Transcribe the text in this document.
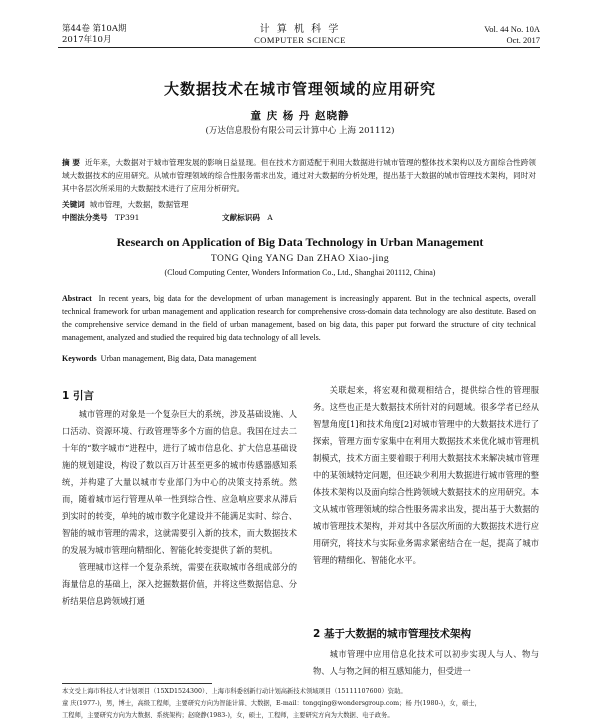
第44卷 第10A期
2017年10月
计 算 机 科 学
COMPUTER SCIENCE
Vol. 44 No. 10A
Oct. 2017
大数据技术在城市管理领域的应用研究
童 庆 杨 丹 赵晓静
(万达信息股份有限公司云计算中心 上海 201112)
摘 要 近年来，大数据对于城市管理发展的影响日益显现。但在技术方面适配于利用大数据进行城市管理的整体技术架构以及方面综合性跨领域大数据技术的应用研究。从城市管理领域的综合性服务需求出发，通过对大数据的分析处理，提出基于大数据的城市管理技术架构，同时对其中各层次所采用的大数据技术进行了应用分析研究。
关键词 城市管理，大数据，数据管理
中图法分类号 TP391	文献标识码 A
Research on Application of Big Data Technology in Urban Management
TONG Qing YANG Dan ZHAO Xiao-jing
(Cloud Computing Center, Wonders Information Co., Ltd., Shanghai 201112, China)
Abstract In recent years, big data for the development of urban management is increasingly apparent. But in the technical aspects, overall technical framework for urban management and application research for comprehensive cross-domain data technology are also destitute. Based on the comprehensive service demand in the field of urban management, based on big data, this paper put forward the structure of city technical management, analyzed and studied the required big data technology of all levels.
Keywords Urban management, Big data, Data management
1 引言

城市管理的对象是一个复杂巨大的系统，涉及基础设施、人口活动、资源环境、行政管理等多个方面的信息。我国在过去二十年的“数字城市”进程中，进行了城市信息化、扩大信息基础设施的规划建设，构设了数以百万计甚至更多的城市传感器感知系统，并构建了大量以城市专业部门为中心的决策支持系统。然而，随着城市运行管理从单一性到综合性、应急响应要求从滞后到实时的转变，单纯的城市数字化建设并不能满足实时、综合、智能的城市管理的需求，这就需要引入新的技术，而大数据技术的发展为城市管理向精细化、智能化转变提供了新的契机。

管理城市这样一个复杂系统，需要在获取城市各组成部分的海量信息的基础上，深入挖掘数据价值，并将这些数据信息、分析结果信息跨领域打通

关联起来，将宏观和微观相结合，提供综合性的管理服务。这些也正是大数据技术所针对的问题域。很多学者已经从智慧角度[1]和技术角度[2]对城市管理中的大数据技术进行了探索，管理方面专家集中在利用大数据技术来优化城市管理机制模式，技术方面主要着眼于利用大数据技术来解决城市管理中的某领域特定问题，但还缺少利用大数据进行城市管理的整体技术架构以及面向综合性跨领域大数据技术的应用研究。本文从城市管理领域的综合性服务需求出发，提出基于大数据的城市管理技术架构，并对其中各层次所面的大数据技术进行应用研究，将技术与实际业务需求紧密结合在一起，提高了城市管理的精细化、智能化水平。

2 基于大数据的城市管理技术架构

城市管理中应用信息化技术可以初步实现人与人、物与物、人与物之间的相互感知能力，但受进一

本文受上海市科技人才计划项目（15XD1524300）、上海市科委创新行动计划高新技术领域项目（15111107600）资助。

童 庆(1977-)，男，博士，高级工程师，主要研究方向为智能计算、大数据，E-mail：tongqing@wondersgroup.com；杨 丹(1980-)，女，硕士，

工程师，主要研究方向为大数据、系统架构；赵晓静(1983-)，女，硕士，工程师，主要研究方向为大数据、电子政务。
